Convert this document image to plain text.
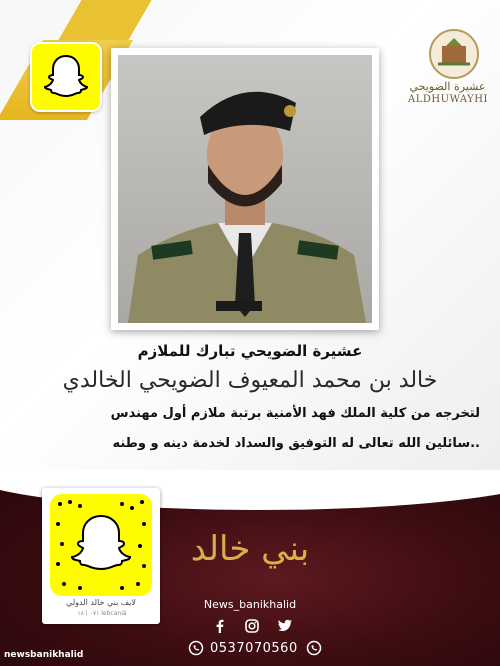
عشيرة الضويحي
ALDHUWAYHI
عشيرة الضويحي تبارك للملازم
خالد بن محمد المعيوف الضويحي الخالدي
لتخرجه من كلية الملك فهد الأمنية برتبة ملازم أول مهندس
سائلين الله تعالى له التوفيق والسداد لخدمة دينه و وطنه..
لايف بني خالد الدولي
٠٧١ | ١٨ ‏‏ lebcaniā
بني خالد
News_banikhalid
0537070560
newsbanikhalid
